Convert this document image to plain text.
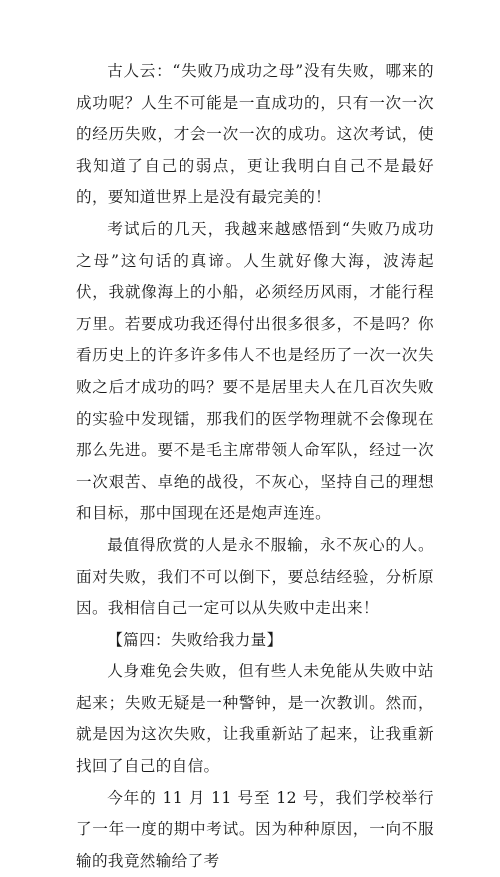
古人云：“失败乃成功之母”没有失败，哪来的成功呢？人生不可能是一直成功的，只有一次一次的经历失败，才会一次一次的成功。这次考试，使我知道了自己的弱点，更让我明白自己不是最好的，要知道世界上是没有最完美的！

考试后的几天，我越来越感悟到“失败乃成功之母”这句话的真谛。人生就好像大海，波涛起伏，我就像海上的小船，必须经历风雨，才能行程万里。若要成功我还得付出很多很多，不是吗？你看历史上的许多许多伟人不也是经历了一次一次失败之后才成功的吗？要不是居里夫人在几百次失败的实验中发现镭，那我们的医学物理就不会像现在那么先进。要不是毛主席带领人命军队，经过一次一次艰苦、卓绝的战役，不灰心，坚持自己的理想和目标，那中国现在还是炮声连连。

最值得欣赏的人是永不服输，永不灰心的人。面对失败，我们不可以倒下，要总结经验，分析原因。我相信自己一定可以从失败中走出来！

【篇四：失败给我力量】

人身难免会失败，但有些人未免能从失败中站起来；失败无疑是一种警钟，是一次教训。然而，就是因为这次失败，让我重新站了起来，让我重新找回了自己的自信。

今年的 11 月 11 号至 12 号，我们学校举行了一年一度的期中考试。因为种种原因，一向不服输的我竟然输给了考
